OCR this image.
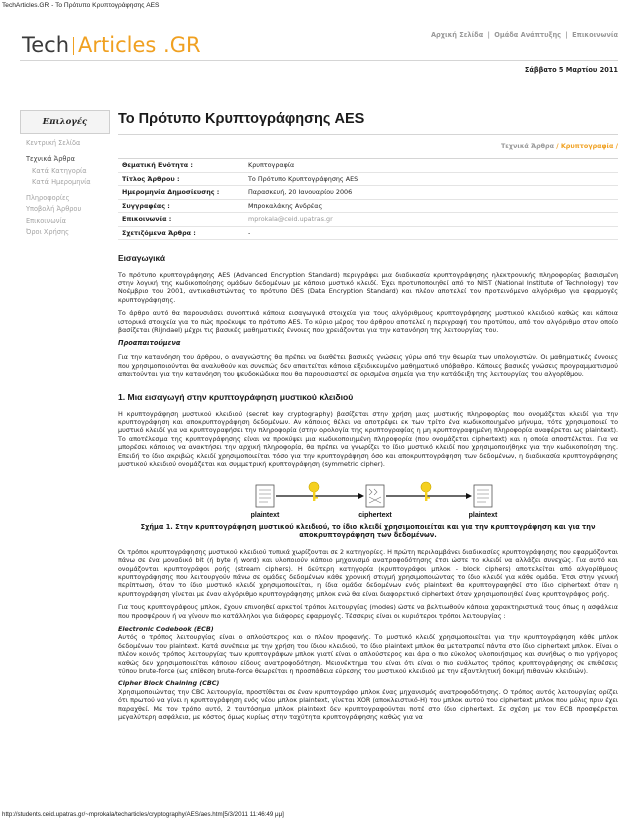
TechArticles.GR - Το Πρότυπο Κρυπτογράφησης AES
Tech Articles .GR	Αρχική Σελίδα | Ομάδα Ανάπτυξης | Επικοινωνία
Σάββατο 5 Μαρτίου 2011
Επιλογές
Κεντρική Σελίδα
Τεχνικά Άρθρα
Κατά Κατηγορία
Κατά Ημερομηνία
Πληροφορίες
Υποβολή Άρθρου
Επικοινωνία
Όροι Χρήσης
Το Πρότυπο Κρυπτογράφησης AES
Τεχνικά Άρθρα / Κρυπτογραφία /
Θεματική Ενότητα :	Κρυπτογραφία
Τίτλος Άρθρου :	Το Πρότυπο Κρυπτογράφησης AES
Ημερομηνία Δημοσίευσης :	Παρασκευή, 20 Ιανουαρίου 2006
Συγγραφέας :	Μπροκαλάκης Ανδρέας
Επικοινωνία :	mprokala@ceid.upatras.gr
Σχετιζόμενα Άρθρα :	-
Εισαγωγικά

Το πρότυπο κρυπτογράφησης AES (Advanced Encryption Standard) περιγράφει μια διαδικασία κρυπτογράφησης ηλεκτρονικής πληροφορίας βασισμένη στην λογική της κωδικοποίησης ομάδων δεδομένων με κάποιο μυστικό κλειδί. Έχει προτυποποιηθεί από το NIST (National Institute of Technology) τον Νοέμβριο του 2001, αντικαθιστώντας το πρότυπο DES (Data Encryption Standard) και πλέον αποτελεί τον προτεινόμενο αλγόριθμο για εφαρμογές κρυπτογράφησης.

Το άρθρο αυτό θα παρουσιάσει συνοπτικά κάποια εισαγωγικά στοιχεία για τους αλγόριθμους κρυπτογράφησης μυστικού κλειδιού καθώς και κάποια ιστορικά στοιχεία για το πώς προέκυψε το πρότυπο AES. Το κύριο μέρος του άρθρου αποτελεί η περιγραφή του προτύπου, από τον αλγόριθμο στον οποίο βασίζεται (Rijndael) μέχρι τις βασικές μαθηματικές έννοιες που χρειάζονται για την κατανόηση της λειτουργίας του.

Προαπαιτούμενα

Για την κατανόηση του άρθρου, ο αναγνώστης θα πρέπει να διαθέτει βασικές γνώσεις γύρω από την θεωρία των υπολογιστών. Οι μαθηματικές έννοιες που χρησιμοποιούνται θα αναλυθούν και συνεπώς δεν απαιτείται κάποια εξειδικευμένο μαθηματικό υπόβαθρο. Κάποιες βασικές γνώσεις προγραμματισμού απαιτούνται για την κατανόηση του ψευδοκώδικα που θα παρουσιαστεί σε ορισμένα σημεία για την κατάδειξη της λειτουργίας του αλγορίθμου.

1. Μια εισαγωγή στην κρυπτογράφηση μυστικού κλειδιού

Η κρυπτογράφηση μυστικού κλειδιού (secret key cryptography) βασίζεται στην χρήση μιας μυστικής πληροφορίας που ονομάζεται κλειδί για την κρυπτογράφηση και αποκρυπτογράφηση δεδομένων. Αν κάποιος θέλει να αποτρέψει εκ των τρίτο ένα κωδικοποιημένο μήνυμα, τότε χρησιμοποιεί το μυστικό κλειδί για να κρυπτογραφήσει την πληροφορία (στην ορολογία της κρυπτογραφίας η μη κρυπτογραφημένη πληροφορία αναφέρεται ως plaintext). Το αποτέλεσμα της κρυπτογράφησης είναι να προκύψει μια κωδικοποιημένη πληροφορία (που ονομάζεται ciphertext) και η οποία αποστέλεται. Για να μπορέσει κάποιος να ανακτήσει την αρχική πληροφορία, θα πρέπει να γνωρίζει το ίδιο μυστικό κλειδί που χρησιμοποιήθηκε για την κωδικοποίηση της. Επειδή το ίδιο ακριβώς κλειδί χρησιμοποιείται τόσο για την κρυπτογράφηση όσο και αποκρυπτογράφηση των δεδομένων, η διαδικασία κρυπτογράφησης μυστικού κλειδιού ονομάζεται και συμμετρική κρυπτογράφηση (symmetric cipher).

plaintext	ciphertext	plaintext
Σχήμα 1. Στην κρυπτογράφηση μυστικού κλειδιού, το ίδιο κλειδί χρησιμοποιείται και για την κρυπτογράφηση και για την αποκρυπτογράφηση των δεδομένων.

Οι τρόποι κρυπτογράφησης μυστικού κλειδιού τυπικά χωρίζονται σε 2 κατηγορίες. Η πρώτη περιλαμβάνει διαδικασίες κρυπτογράφησης που εφαρμόζονται πάνω σε ένα μοναδικό bit (ή byte ή word) και υλοποιούν κάποιο μηχανισμό ανατροφοδότησης έτσι ώστε το κλειδί να αλλάζει συνεχώς. Για αυτό και ονομάζονται κρυπτογράφοι ροής (stream ciphers). Η δεύτερη κατηγορία (κρυπτογράφοι μπλοκ - block ciphers) αποτελείται από αλγορίθμους κρυπτογράφησης που λειτουργούν πάνω σε ομάδες δεδομένων κάθε χρονική στιγμή χρησιμοποιώντας το ίδιο κλειδί για κάθε ομάδα. Έτσι στην γενική περίπτωση, όταν το ίδιο μυστικό κλειδί χρησιμοποιείται, η ίδια ομάδα δεδομένων ενός plaintext θα κρυπτογραφηθεί στο ίδιο ciphertext όταν η κρυπτογράφηση γίνεται με έναν αλγόριθμο κρυπτογράφησης μπλοκ ενώ θα είναι διαφορετικό ciphertext όταν χρησιμοποιηθεί ένας κρυπτογράφος ροής.

Για τους κρυπτογράφους μπλοκ, έχουν επινοηθεί αρκετοί τρόποι λειτουργίας (modes) ώστε να βελτιωθούν κάποια χαρακτηριστικά τους όπως η ασφάλεια που προσφέρουν ή να γίνουν πιο κατάλληλοι για διάφορες εφαρμογές. Τέσσερις είναι οι κυριότεροι τρόποι λειτουργίας :

Electronic Codebook (ECB)

Αυτός ο τρόπος λειτουργίας είναι ο απλούστερος και ο πλέον προφανής. Το μυστικό κλειδί χρησιμοποιείται για την κρυπτογράφηση κάθε μπλοκ δεδομένων του plaintext. Κατά συνέπεια με την χρήση του ίδιου κλειδιού, το ίδιο plaintext μπλοκ θα μετατραπεί πάντα στο ίδιο ciphertext μπλοκ. Είναι ο πλέον κοινός τρόπος λειτουργίας των κρυπτογράφων μπλοκ γιατί είναι ο απλούστερος και άρα ο πιο εύκολος υλοποιήσιμος και συνήθως ο πιο γρήγορος καθώς δεν χρησιμοποιείται κάποιου είδους ανατροφοδότηση. Μειονέκτημα του είναι ότι είναι ο πιο ευάλωτος τρόπος κρυπτογράφησης σε επιθέσεις τύπου brute-force (ως επίθεση brute-force θεωρείται η προσπάθεια εύρεσης του μυστικού κλειδιού με την εξαντλητική δοκιμή πιθανών κλειδιών).

Cipher Block Chaining (CBC)

Χρησιμοποιώντας την CBC λειτουργία, προστίθεται σε έναν κρυπτογράφο μπλοκ ένας μηχανισμός ανατροφοδότησης. Ο τρόπος αυτός λειτουργίας ορίζει ότι πρωτού να γίνει η κρυπτογράφηση ενός νέου μπλοκ plaintext, γίνεται XOR (αποκλειστικό-Η) του μπλοκ αυτού του ciphertext μπλοκ που μόλις πριν έχει παραχθεί. Με τον τρόπο αυτό, 2 ταυτόσημα μπλοκ plaintext δεν κρυπτογραφούνται ποτέ στο ίδιο ciphertext. Σε σχέση με τον ECB προσφέρεται μεγαλύτερη ασφάλεια, με κόστος όμως κυρίως στην ταχύτητα κρυπτογράφησης καθώς για να

http://students.ceid.upatras.gr/~mprokala/techarticles/cryptography/AES/aes.htm[5/3/2011 11:46:49 μμ]
